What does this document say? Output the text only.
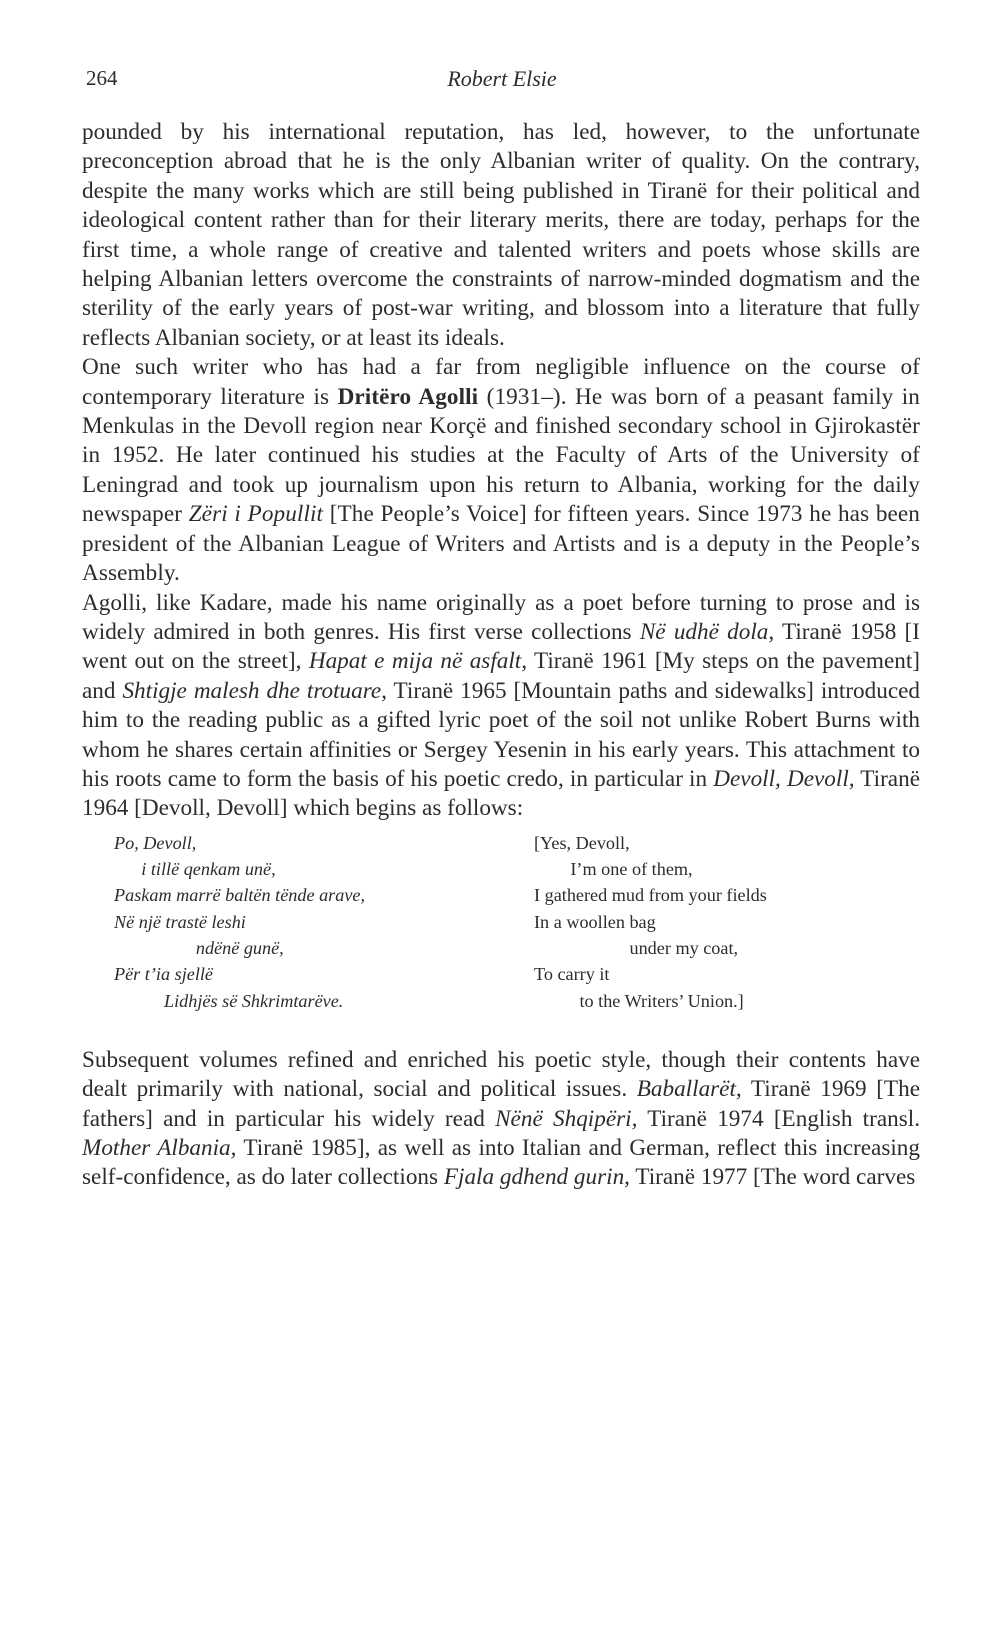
264	Robert Elsie

pounded by his international reputation, has led, however, to the unfortunate preconception abroad that he is the only Albanian writer of quality. On the contrary, despite the many works which are still being published in Tiranë for their political and ideological content rather than for their literary merits, there are today, perhaps for the first time, a whole range of creative and talented writers and poets whose skills are helping Albanian letters overcome the constraints of narrow-minded dogmatism and the sterility of the early years of post-war writing, and blossom into a literature that fully reflects Albanian society, or at least its ideals.

One such writer who has had a far from negligible influence on the course of contemporary literature is Dritëro Agolli (1931–). He was born of a peasant family in Menkulas in the Devoll region near Korçë and finished secondary school in Gjirokastër in 1952. He later continued his studies at the Faculty of Arts of the University of Leningrad and took up journalism upon his return to Albania, working for the daily newspaper Zëri i Popullit [The People’s Voice] for fifteen years. Since 1973 he has been president of the Albanian League of Writers and Artists and is a deputy in the People’s Assembly.

Agolli, like Kadare, made his name originally as a poet before turning to prose and is widely admired in both genres. His first verse collections Në udhë dola, Tiranë 1958 [I went out on the street], Hapat e mija në asfalt, Tiranë 1961 [My steps on the pavement] and Shtigje malesh dhe trotuare, Tiranë 1965 [Mountain paths and sidewalks] introduced him to the reading public as a gifted lyric poet of the soil not unlike Robert Burns with whom he shares certain affinities or Sergey Yesenin in his early years. This attachment to his roots came to form the basis of his poetic credo, in particular in Devoll, Devoll, Tiranë 1964 [Devoll, Devoll] which begins as follows:

Po, Devoll,
i tillë qenkam unë,
Paskam marrë baltën tënde arave,
Në një trastë leshi
ndënë gunë,
Për t’ia sjellë
Lidhjës së Shkrimtarëve.
[Yes, Devoll,
I’m one of them,
I gathered mud from your fields
In a woollen bag
under my coat,
To carry it
to the Writers’ Union.]

Subsequent volumes refined and enriched his poetic style, though their contents have dealt primarily with national, social and political issues. Baballarët, Tiranë 1969 [The fathers] and in particular his widely read Nënë Shqipëri, Tiranë 1974 [English transl. Mother Albania, Tiranë 1985], as well as into Italian and German, reflect this increasing self-confidence, as do later collections Fjala gdhend gurin, Tiranë 1977 [The word carves
